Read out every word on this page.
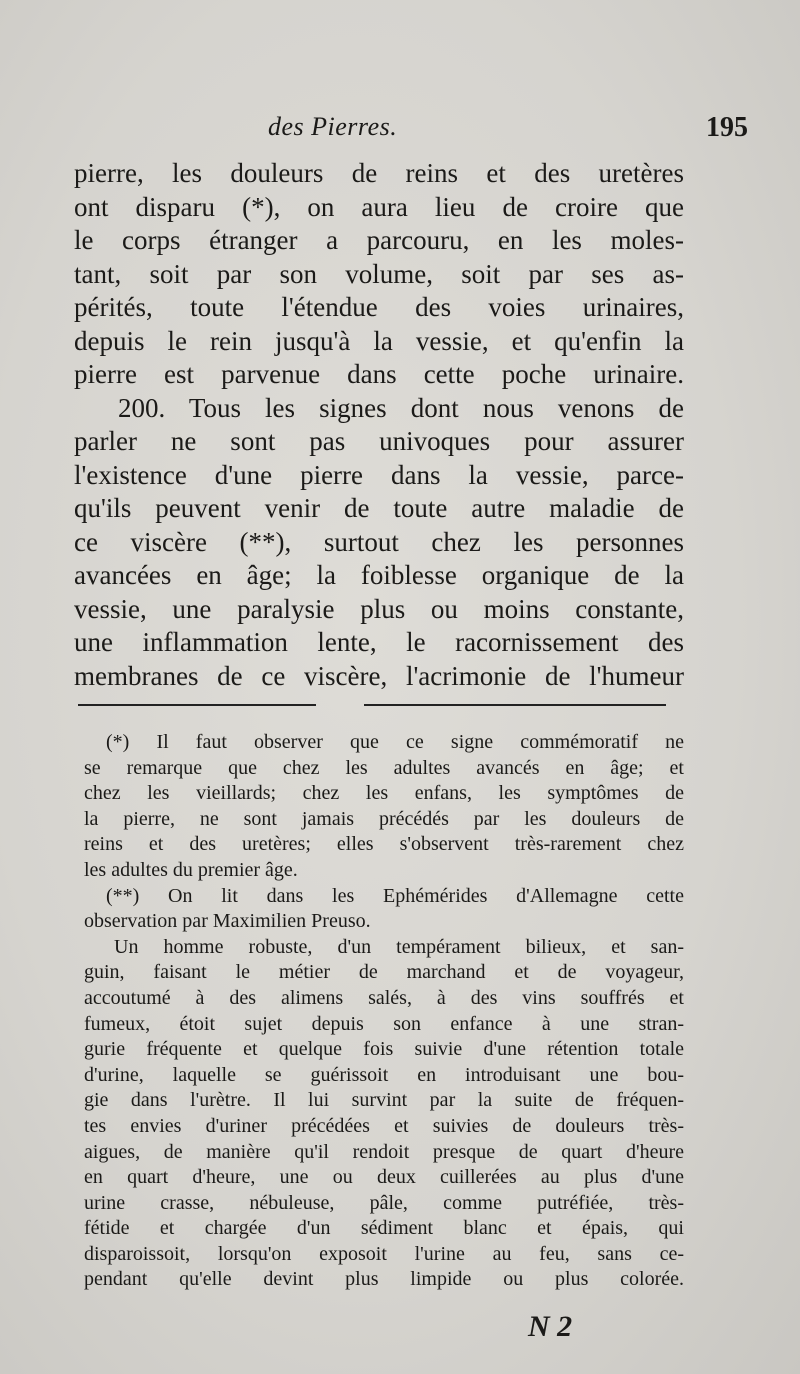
des Pierres.	195
pierre, les douleurs de reins et des uretères
ont disparu (*), on aura lieu de croire que
le corps étranger a parcouru, en les moles-
tant, soit par son volume, soit par ses as-
pérités, toute l'étendue des voies urinaires,
depuis le rein jusqu'à la vessie, et qu'enfin la
pierre est parvenue dans cette poche urinaire.
200. Tous les signes dont nous venons de
parler ne sont pas univoques pour assurer
l'existence d'une pierre dans la vessie, parce-
qu'ils peuvent venir de toute autre maladie de
ce viscère (**), surtout chez les personnes
avancées en âge; la foiblesse organique de la
vessie, une paralysie plus ou moins constante,
une inflammation lente, le racornissement des
membranes de ce viscère, l'acrimonie de l'humeur
(*) Il faut observer que ce signe commémoratif ne
se remarque que chez les adultes avancés en âge; et
chez les vieillards; chez les enfans, les symptômes de
la pierre, ne sont jamais précédés par les douleurs de
reins et des uretères; elles s'observent très-rarement chez
les adultes du premier âge.
(**) On lit dans les Ephémérides d'Allemagne cette
observation par Maximilien Preuso.
Un homme robuste, d'un tempérament bilieux, et san-
guin, faisant le métier de marchand et de voyageur,
accoutumé à des alimens salés, à des vins souffrés et
fumeux, étoit sujet depuis son enfance à une stran-
gurie fréquente et quelque fois suivie d'une rétention totale
d'urine, laquelle se guérissoit en introduisant une bou-
gie dans l'urètre. Il lui survint par la suite de fréquen-
tes envies d'uriner précédées et suivies de douleurs très-
aigues, de manière qu'il rendoit presque de quart d'heure
en quart d'heure, une ou deux cuillerées au plus d'une
urine crasse, nébuleuse, pâle, comme putréfiée, très-
fétide et chargée d'un sédiment blanc et épais, qui
disparoissoit, lorsqu'on exposoit l'urine au feu, sans ce-
pendant qu'elle devint plus limpide ou plus colorée.
N 2
